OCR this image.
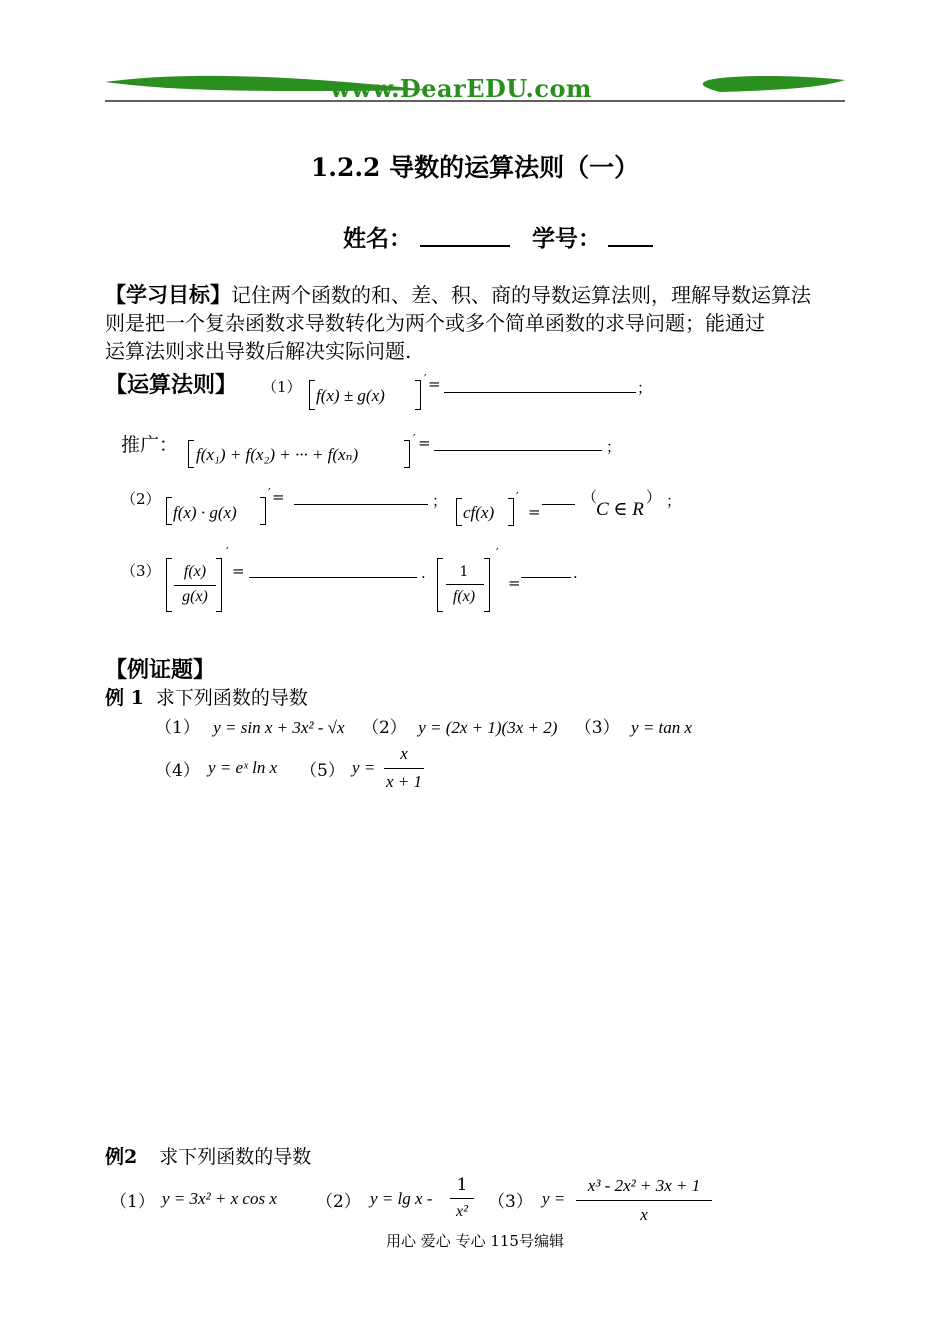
www.DearEDU.com
1.2.2 导数的运算法则（一）
姓名：	学号：
【学习目标】记住两个函数的和、差、积、商的导数运算法则，理解导数运算法
则是把一个复杂函数求导数转化为两个或多个简单函数的求导问题；能通过
运算法则求出导数后解决实际问题.
【运算法则】 （1） f(x) ± g(x)
′ =	；
推广： f(x₁) + f(x₂) + ··· + f(xₙ)
′ =	；
（2）
f(x) · g(x)
′ =	；
cf(x)
′
=
（
C ∈ R
） ；
（3）	f(x)
g(x)
′
=	.	1
f(x)
′
=
.
【例证题】
例 1 求下列函数的导数
（1） y = sin x + 3x² - √x （2） y = (2x + 1)(3x + 2) （3） y = tan x
（4） y = eˣ ln x （5） y =
x
x + 1
例2 求下列函数的导数
（1） y = 3x² + x cos x （2） y = lg x -
1
x²	（3） y =
x³ - 2x² + 3x + 1
x
用心 爱心 专心 115号编辑
